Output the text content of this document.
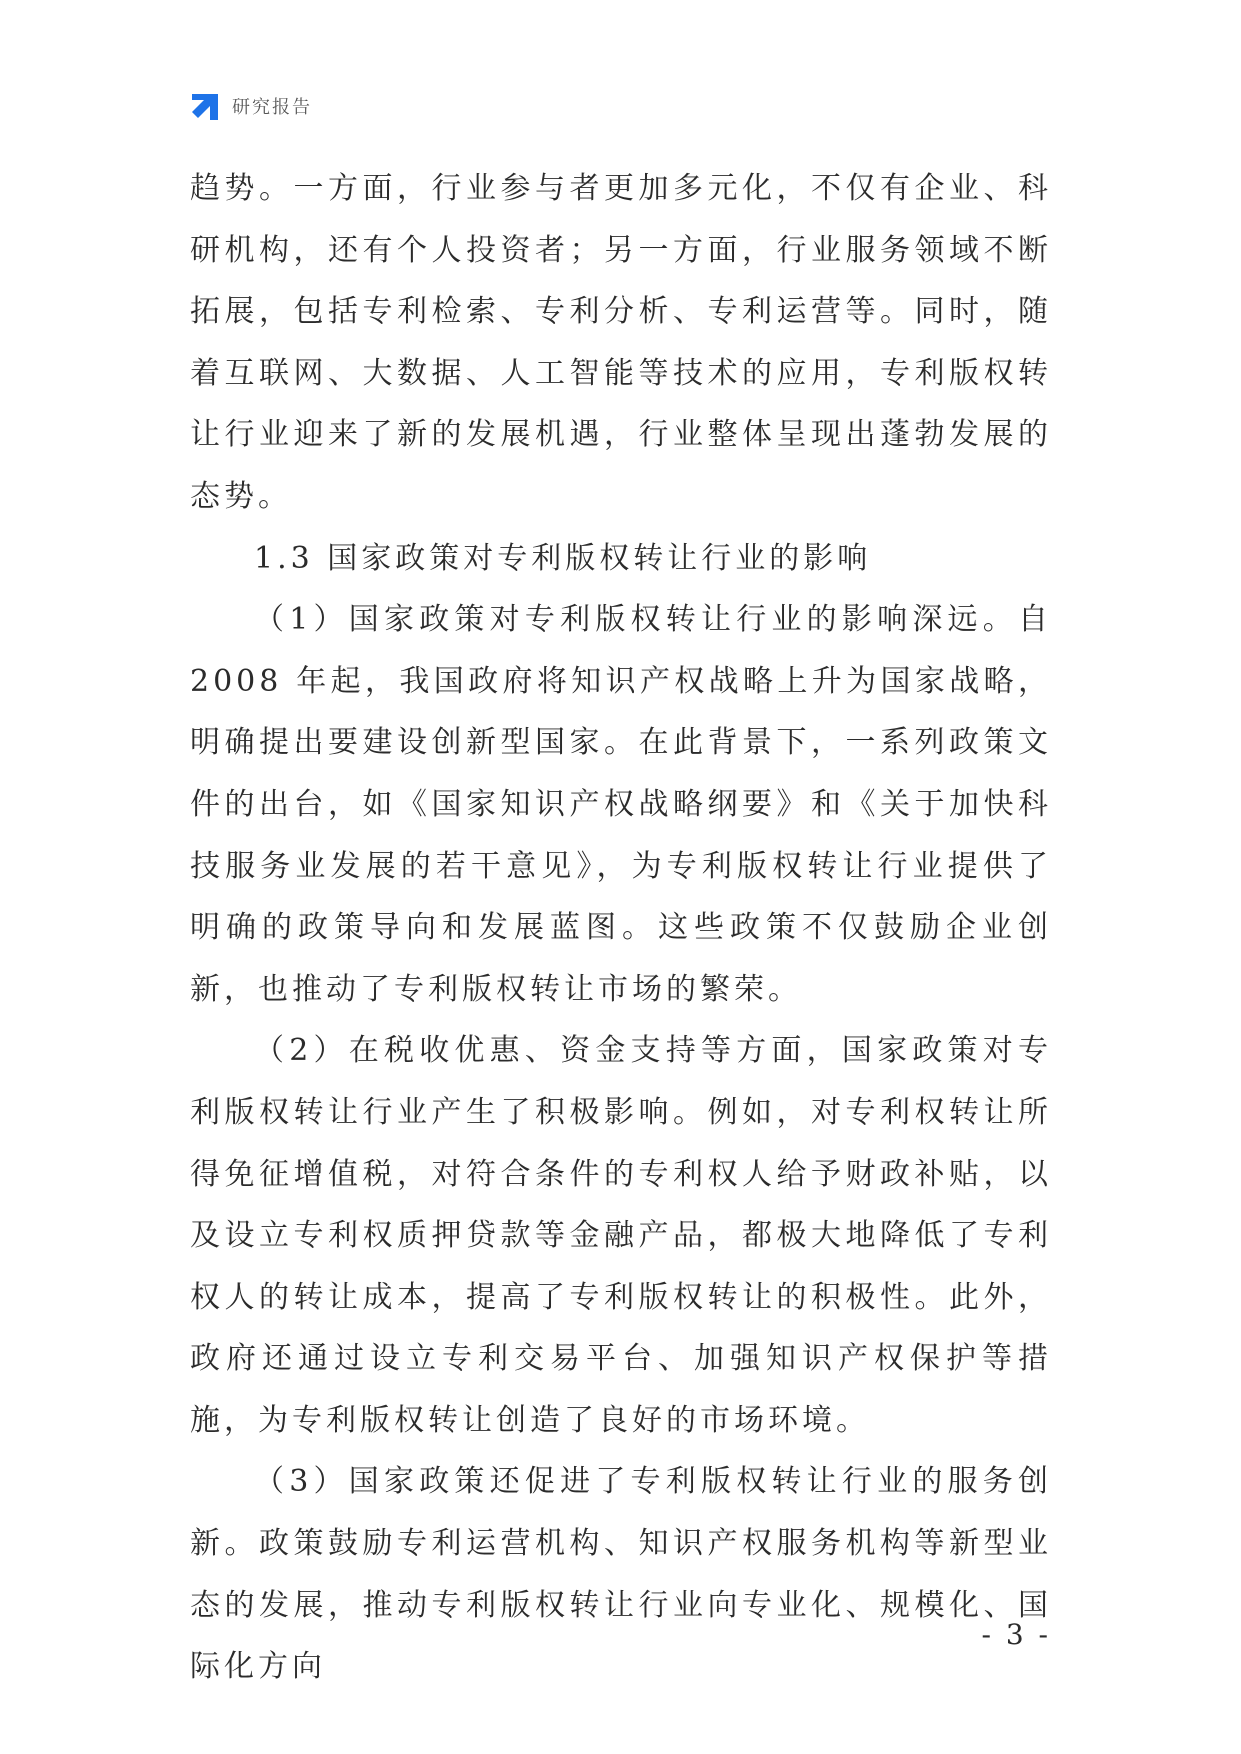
研究报告

趋势。一方面，行业参与者更加多元化，不仅有企业、科研机构，还有个人投资者；另一方面，行业服务领域不断拓展，包括专利检索、专利分析、专利运营等。同时，随着互联网、大数据、人工智能等技术的应用，专利版权转让行业迎来了新的发展机遇，行业整体呈现出蓬勃发展的态势。

1.3 国家政策对专利版权转让行业的影响

（1）国家政策对专利版权转让行业的影响深远。自 2008 年起，我国政府将知识产权战略上升为国家战略，明确提出要建设创新型国家。在此背景下，一系列政策文件的出台，如《国家知识产权战略纲要》和《关于加快科技服务业发展的若干意见》，为专利版权转让行业提供了明确的政策导向和发展蓝图。这些政策不仅鼓励企业创新，也推动了专利版权转让市场的繁荣。

（2）在税收优惠、资金支持等方面，国家政策对专利版权转让行业产生了积极影响。例如，对专利权转让所得免征增值税，对符合条件的专利权人给予财政补贴，以及设立专利权质押贷款等金融产品，都极大地降低了专利权人的转让成本，提高了专利版权转让的积极性。此外，政府还通过设立专利交易平台、加强知识产权保护等措施，为专利版权转让创造了良好的市场环境。

（3）国家政策还促进了专利版权转让行业的服务创新。政策鼓励专利运营机构、知识产权服务机构等新型业态的发展，推动专利版权转让行业向专业化、规模化、国际化方向

- 3 -
